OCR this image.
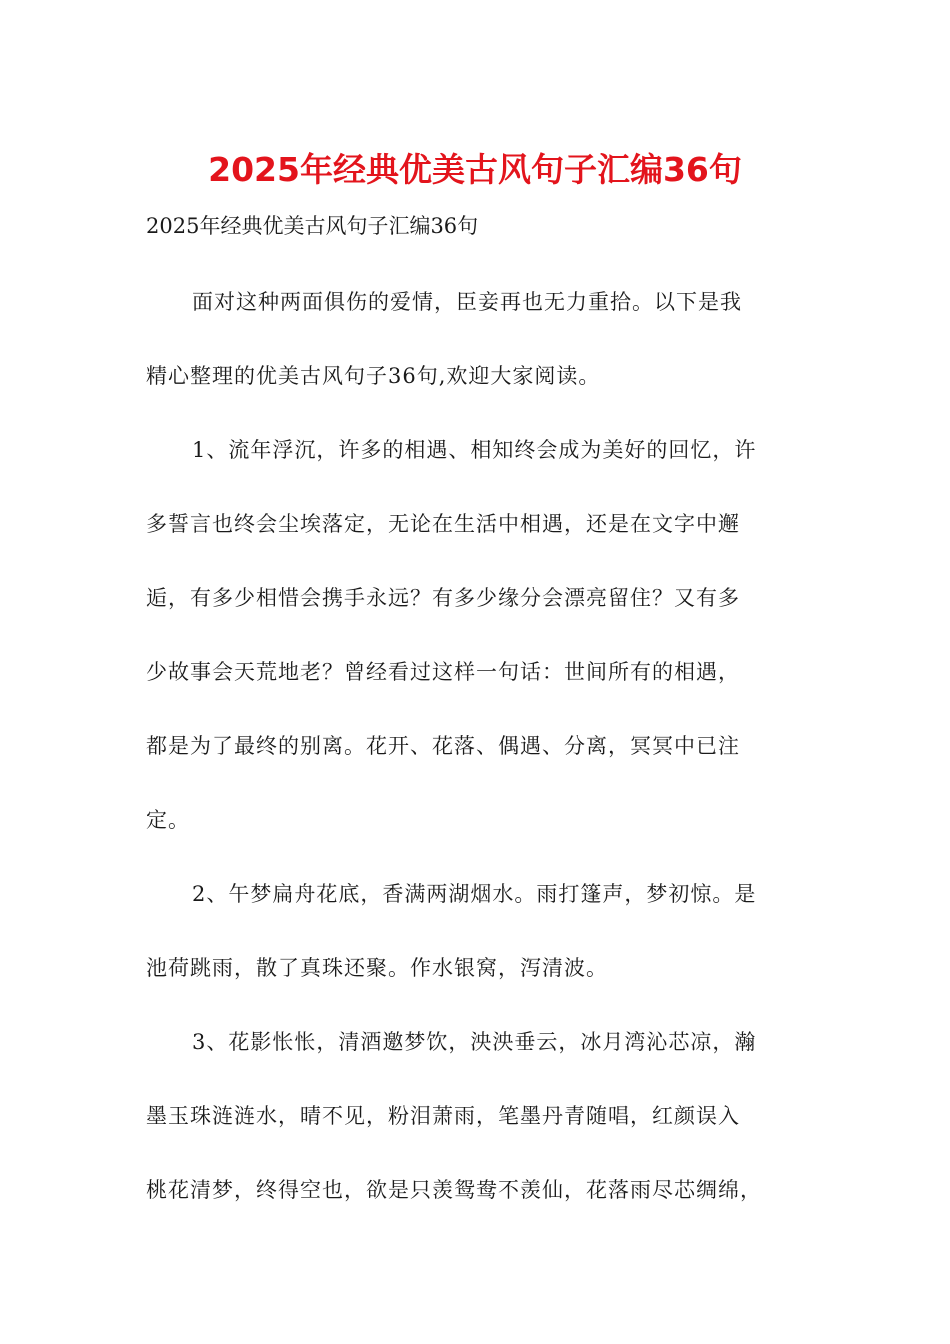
2025年经典优美古风句子汇编36句
2025年经典优美古风句子汇编36句
面对这种两面俱伤的爱情，臣妾再也无力重拾。以下是我
精心整理的优美古风句子36句,欢迎大家阅读。
1、流年浮沉，许多的相遇、相知终会成为美好的回忆，许
多誓言也终会尘埃落定，无论在生活中相遇，还是在文字中邂
逅，有多少相惜会携手永远？有多少缘分会漂亮留住？又有多
少故事会天荒地老？曾经看过这样一句话：世间所有的相遇，
都是为了最终的别离。花开、花落、偶遇、分离，冥冥中已注
定。
2、午梦扁舟花底，香满两湖烟水。雨打篷声，梦初惊。是
池荷跳雨，散了真珠还聚。作水银窝，泻清波。
3、花影怅怅，清酒邀梦饮，泱泱垂云，冰月湾沁芯凉，瀚
墨玉珠涟涟水，晴不见，粉泪萧雨，笔墨丹青随唱，红颜误入
桃花清梦，终得空也，欲是只羡鸳鸯不羡仙，花落雨尽芯绸绵，
